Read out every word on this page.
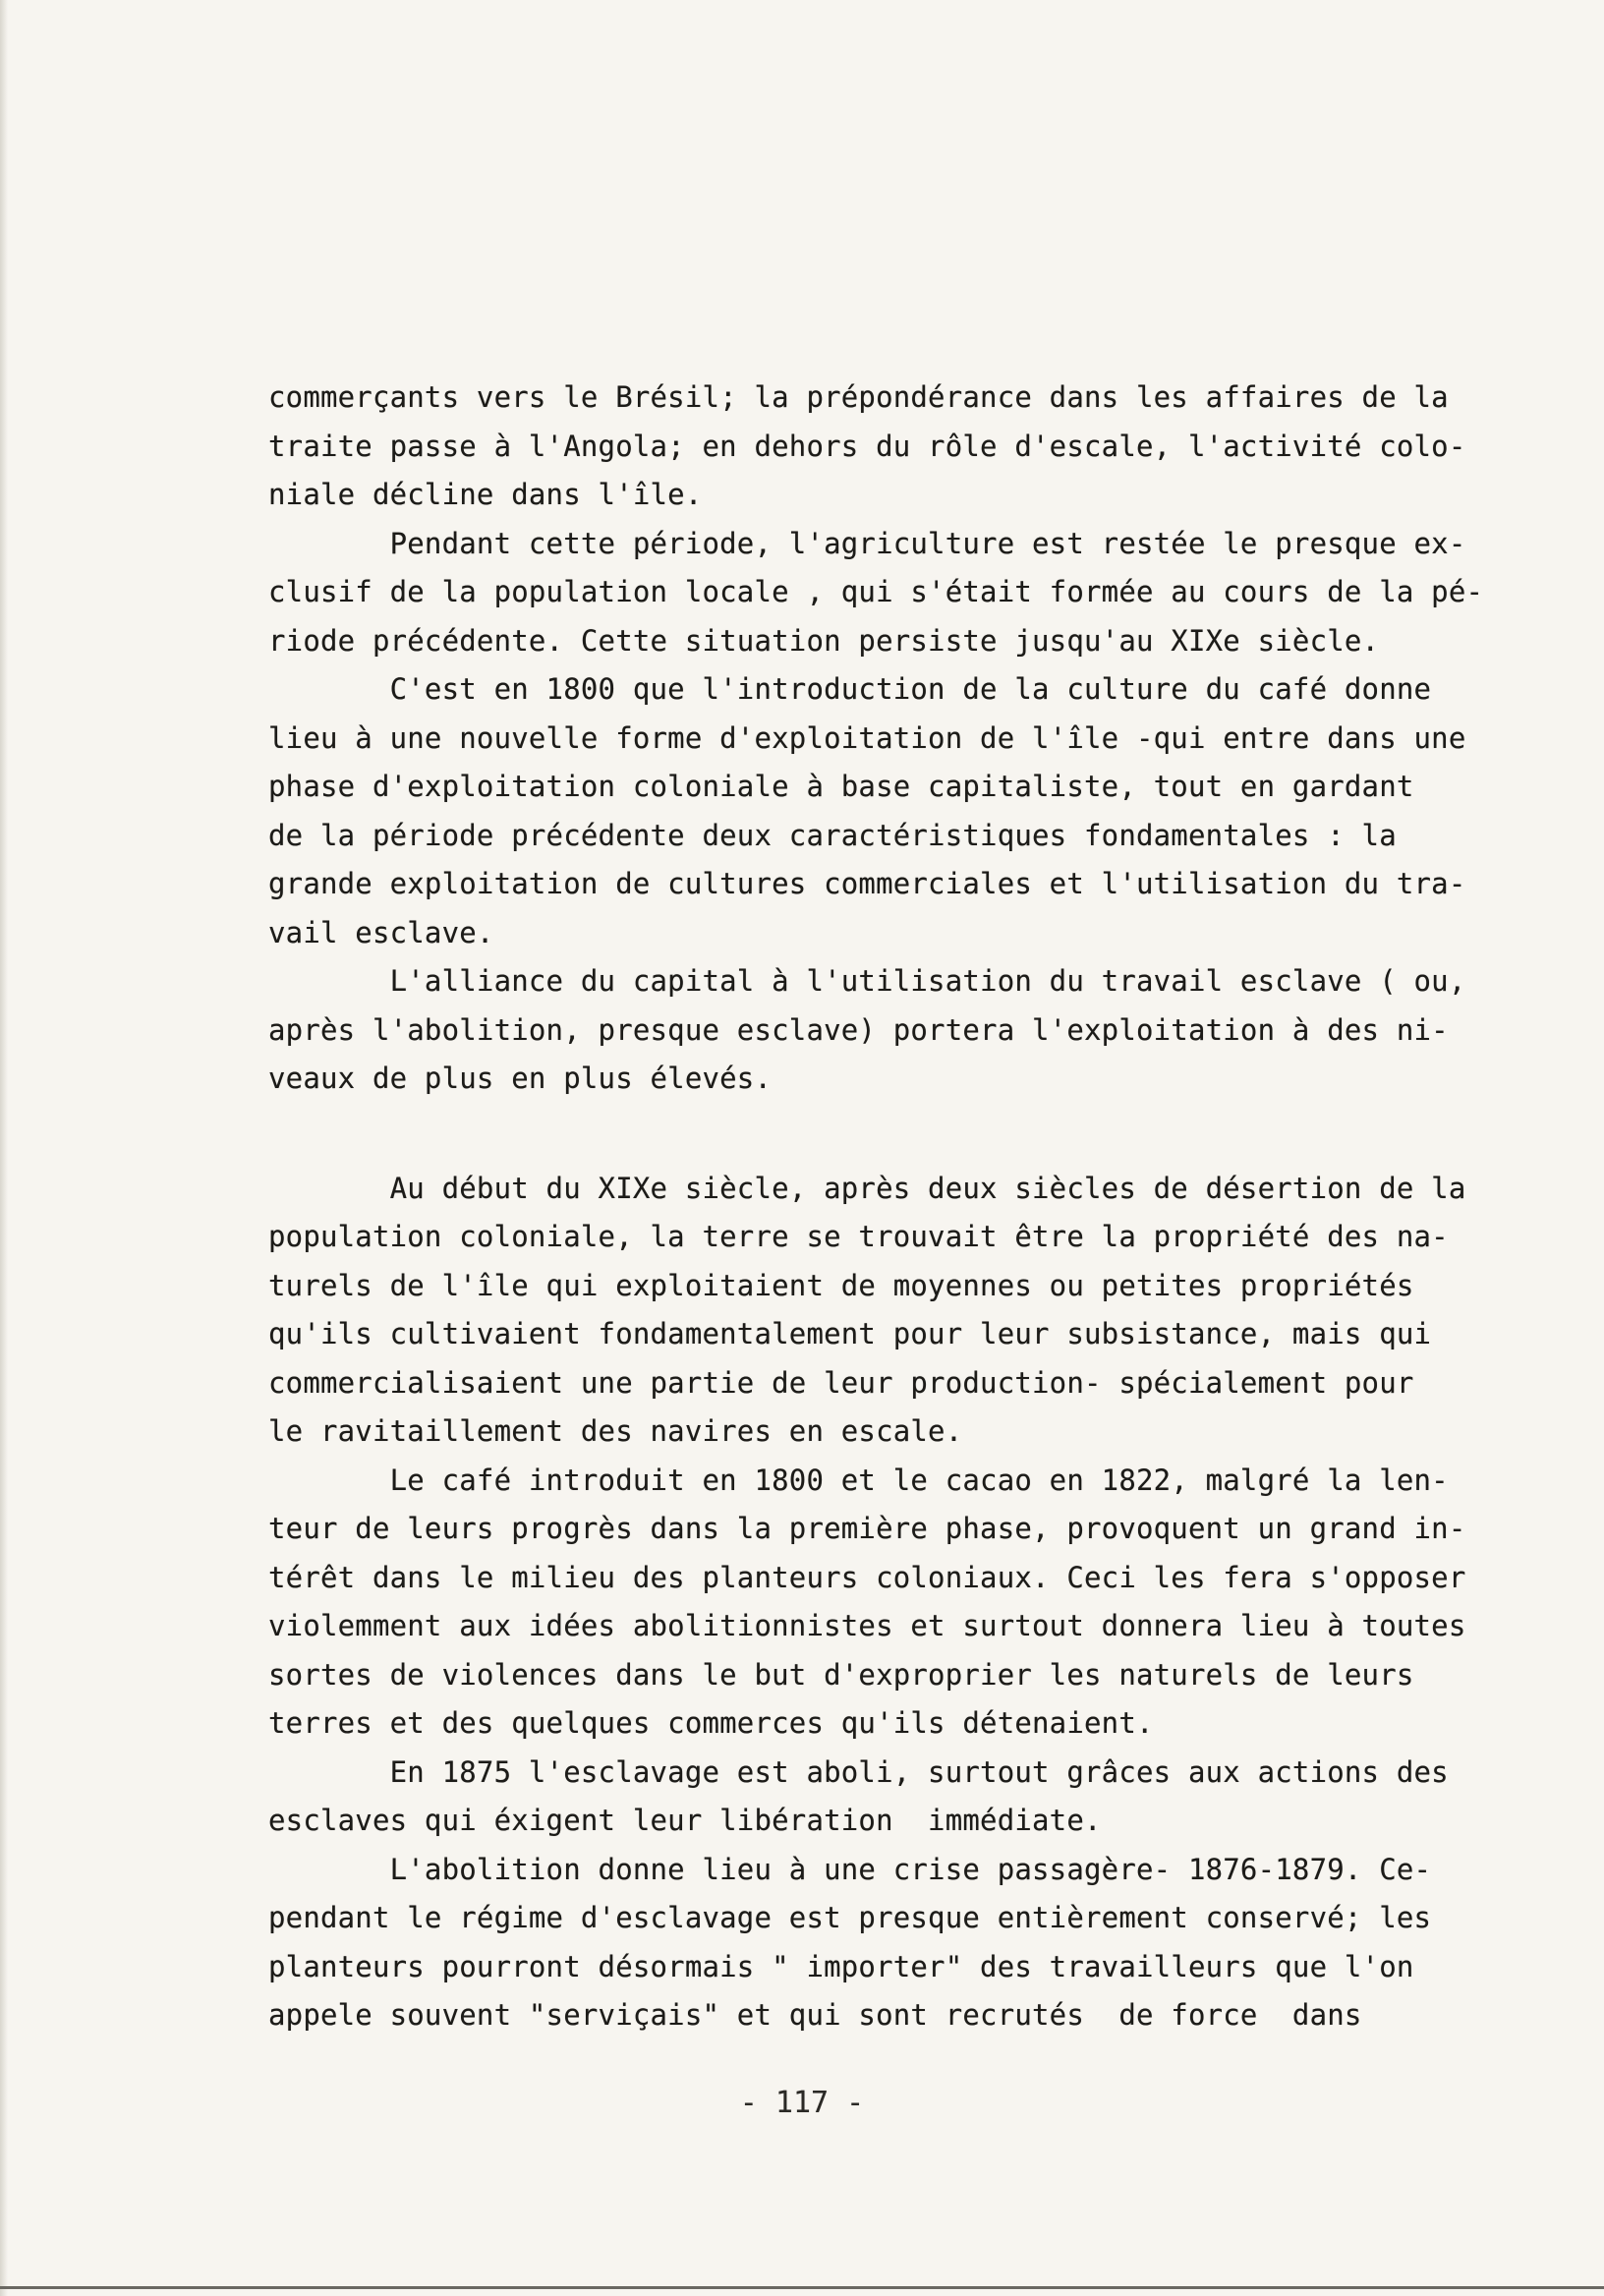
commerçants vers le Brésil; la prépondérance dans les affaires de la
traite passe à l'Angola; en dehors du rôle d'escale, l'activité colo-
niale décline dans l'île.
Pendant cette période, l'agriculture est restée le presque ex-
clusif de la population locale , qui s'était formée au cours de la pé-
riode précédente. Cette situation persiste jusqu'au XIXe siècle.
C'est en 1800 que l'introduction de la culture du café donne
lieu à une nouvelle forme d'exploitation de l'île -qui entre dans une
phase d'exploitation coloniale à base capitaliste, tout en gardant
de la période précédente deux caractéristiques fondamentales : la
grande exploitation de cultures commerciales et l'utilisation du tra-
vail esclave.
L'alliance du capital à l'utilisation du travail esclave ( ou,
après l'abolition, presque esclave) portera l'exploitation à des ni-
veaux de plus en plus élevés.
Au début du XIXe siècle, après deux siècles de désertion de la
population coloniale, la terre se trouvait être la propriété des na-
turels de l'île qui exploitaient de moyennes ou petites propriétés
qu'ils cultivaient fondamentalement pour leur subsistance, mais qui
commercialisaient une partie de leur production- spécialement pour
le ravitaillement des navires en escale.
Le café introduit en 1800 et le cacao en 1822, malgré la len-
teur de leurs progrès dans la première phase, provoquent un grand in-
térêt dans le milieu des planteurs coloniaux. Ceci les fera s'opposer
violemment aux idées abolitionnistes et surtout donnera lieu à toutes
sortes de violences dans le but d'exproprier les naturels de leurs
terres et des quelques commerces qu'ils détenaient.
En 1875 l'esclavage est aboli, surtout grâces aux actions des
esclaves qui éxigent leur libération  immédiate.
L'abolition donne lieu à une crise passagère- 1876-1879. Ce-
pendant le régime d'esclavage est presque entièrement conservé; les
planteurs pourront désormais " importer" des travailleurs que l'on
appele souvent "serviçais" et qui sont recrutés  de force  dans
- 117 -
